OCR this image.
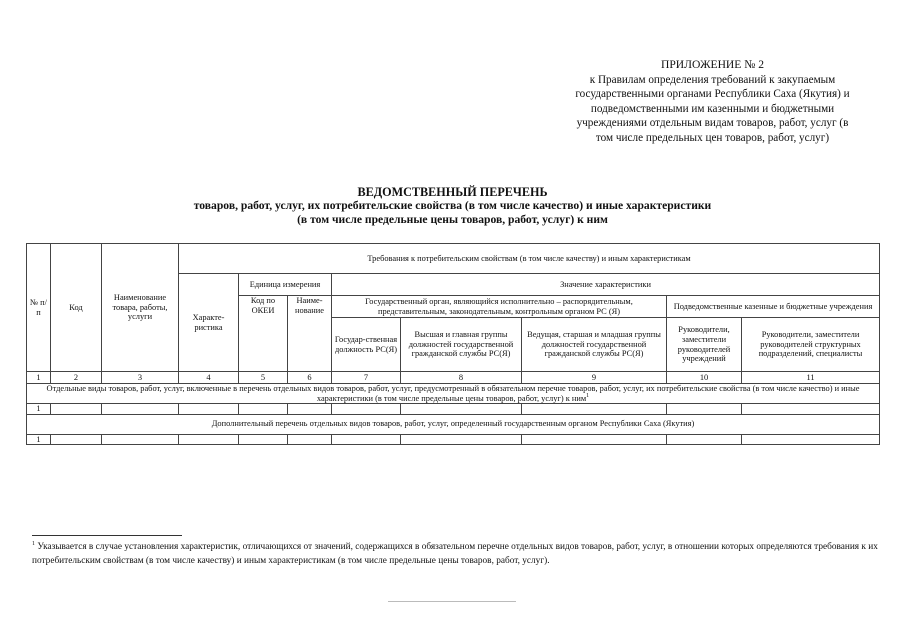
ПРИЛОЖЕНИЕ № 2
к Правилам определения требований к закупаемым
государственными органами Республики Саха (Якутия) и
подведомственными им казенными и бюджетными
учреждениями отдельным видам товаров, работ, услуг (в
том числе предельных цен товаров, работ, услуг)
ВЕДОМСТВЕННЫЙ ПЕРЕЧЕНЬ
товаров, работ, услуг, их потребительские свойства (в том числе качество) и иные характеристики
(в том числе предельные цены товаров, работ, услуг) к ним
№ п/п	Код	Наименование товара, работы, услуги	Требования к потребительским свойствам (в том числе качеству) и иным характеристикам							
			Характе-ристика	Единица измерения		Значение характеристики				
				Код по ОКЕИ	Наиме-нование	Государственный орган, являющийся исполнительно – распорядительным, представительным, законодательным, контрольным органом РС (Я)			Подведомственные казенные и бюджетные учреждения	
						Государ-ственная должность РС(Я)	Высшая и главная группы должностей государственной гражданской службы РС(Я)	Ведущая, старшая и младшая группы должностей государственной гражданской службы РС(Я)	Руководители, заместители руководителей учреждений	Руководители, заместители руководителей структурных подразделений, специалисты
1	2	3	4	5	6	7	8	9	10	11
Отдельные виды товаров, работ, услуг, включенные в перечень отдельных видов товаров, работ, услуг, предусмотренный в обязательном перечне товаров, работ, услуг, их потребительские свойства (в том числе качество) и иные характеристики (в том числе предельные цены товаров, работ, услуг) к ним$^1$
1										
Дополнительный перечень отдельных видов товаров, работ, услуг, определенный государственным органом Республики Саха (Якутия)										
1										
$^1$ Указывается в случае установления характеристик, отличающихся от значений, содержащихся в обязательном перечне отдельных видов товаров, работ, услуг, в отношении которых определяются требования к их потребительским свойствам (в том числе качеству) и иным характеристикам (в том числе предельные цены товаров, работ, услуг).
